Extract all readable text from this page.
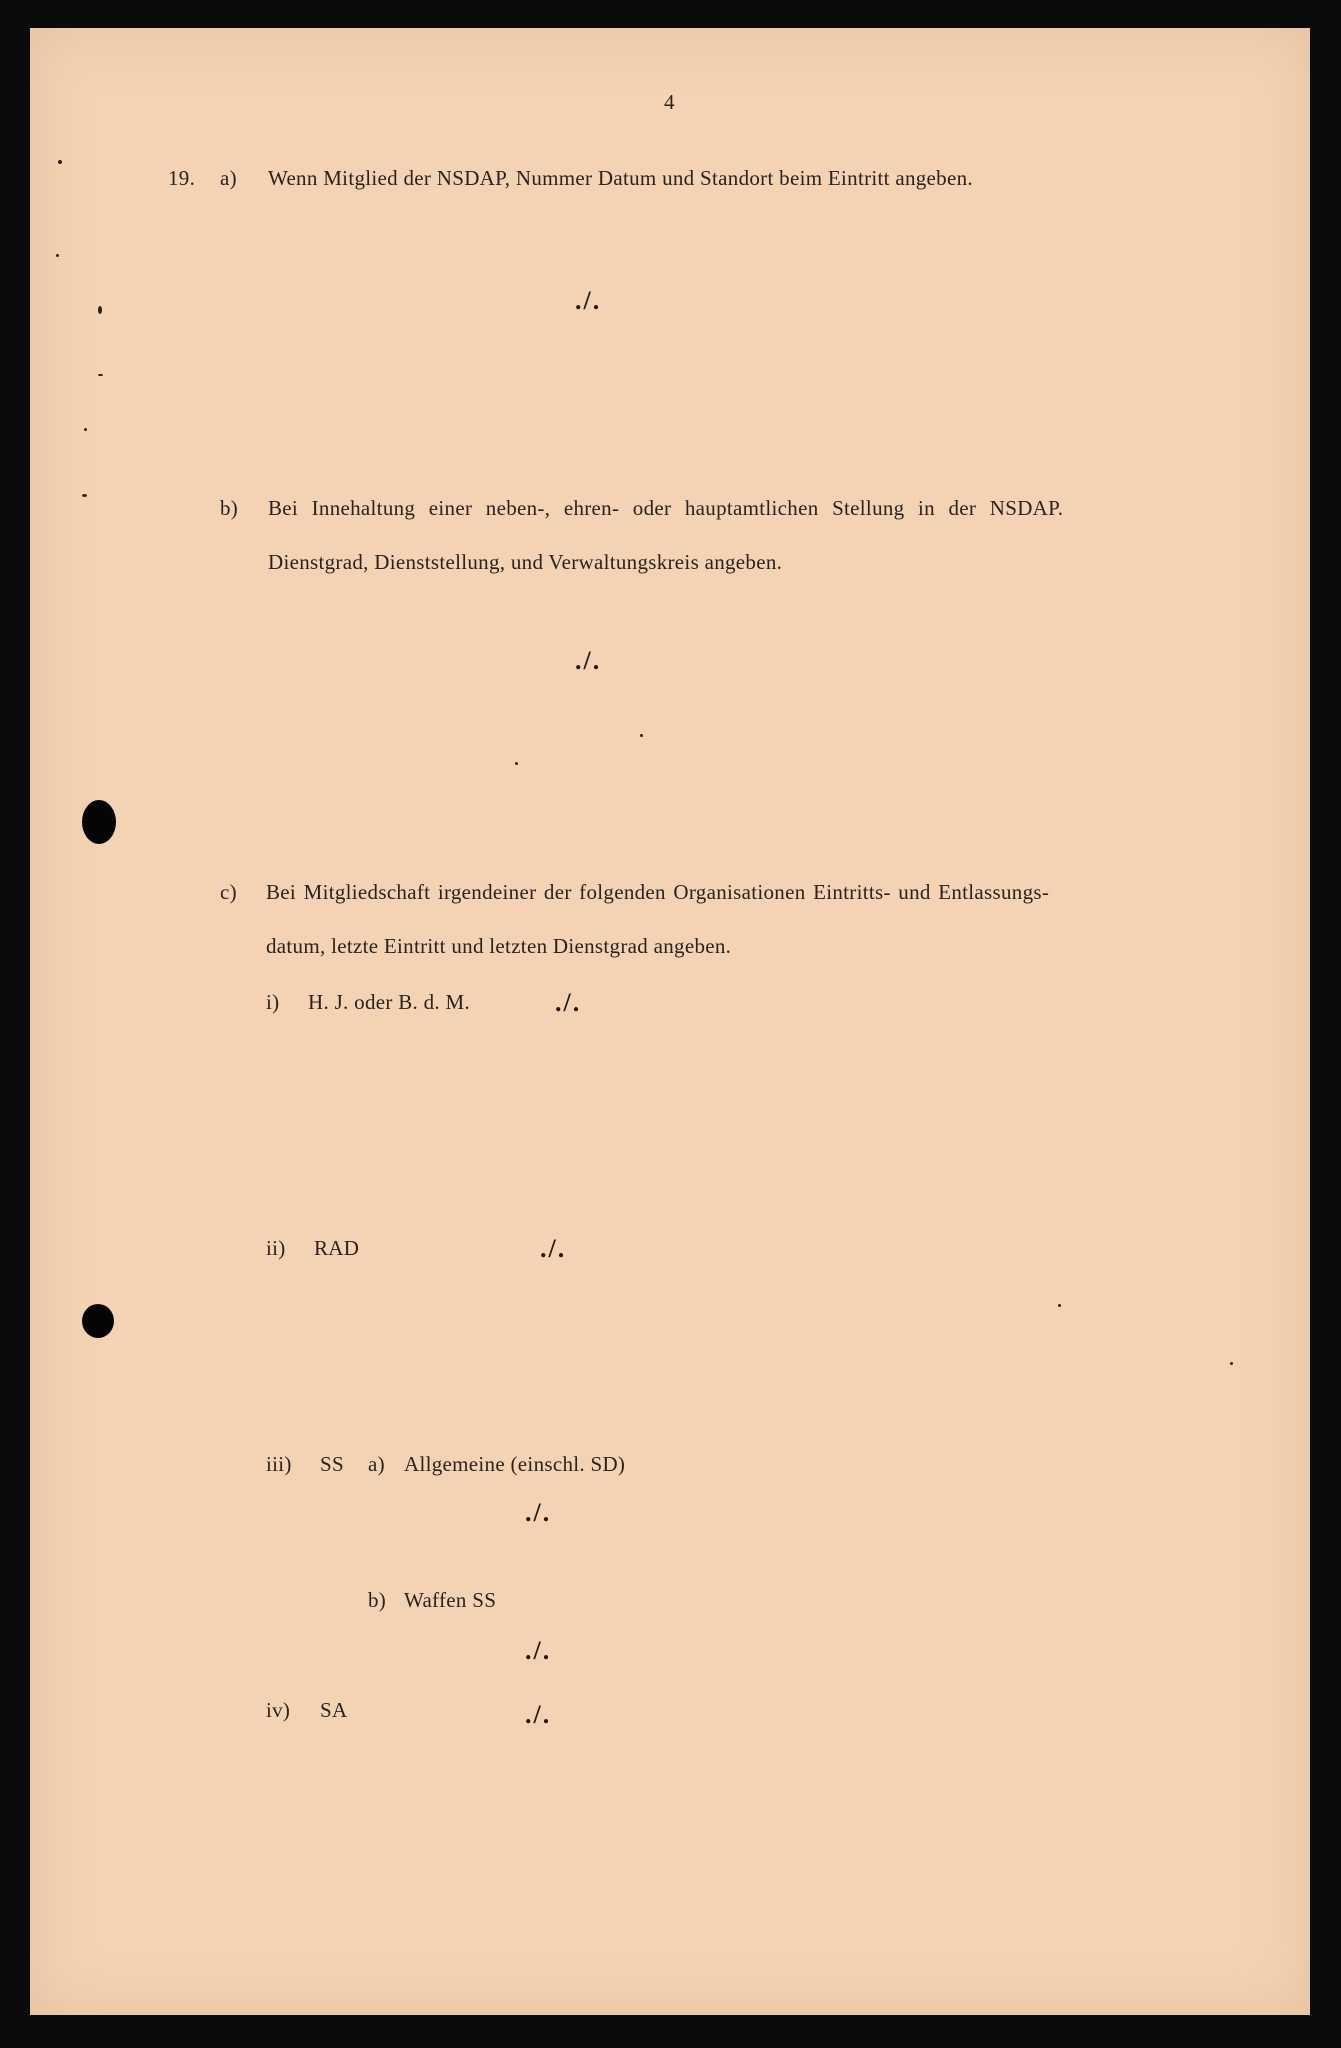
4
19. a) Wenn Mitglied der NSDAP, Nummer Datum und Standort beim Eintritt angeben.
./.
b) Bei Innehaltung einer neben-, ehren- oder hauptamtlichen Stellung in der NSDAP.
Dienstgrad, Dienststellung, und Verwaltungskreis angeben.
./.
c) Bei Mitgliedschaft irgendeiner der folgenden Organisationen Eintritts- und Entlassungs-
datum, letzte Eintritt und letzten Dienstgrad angeben.
i) H. J. oder B. d. M.	./.
ii) RAD	./.
iii) SS a) Allgemeine (einschl. SD)
./.
b) Waffen SS
./.
iv) SA	./.
